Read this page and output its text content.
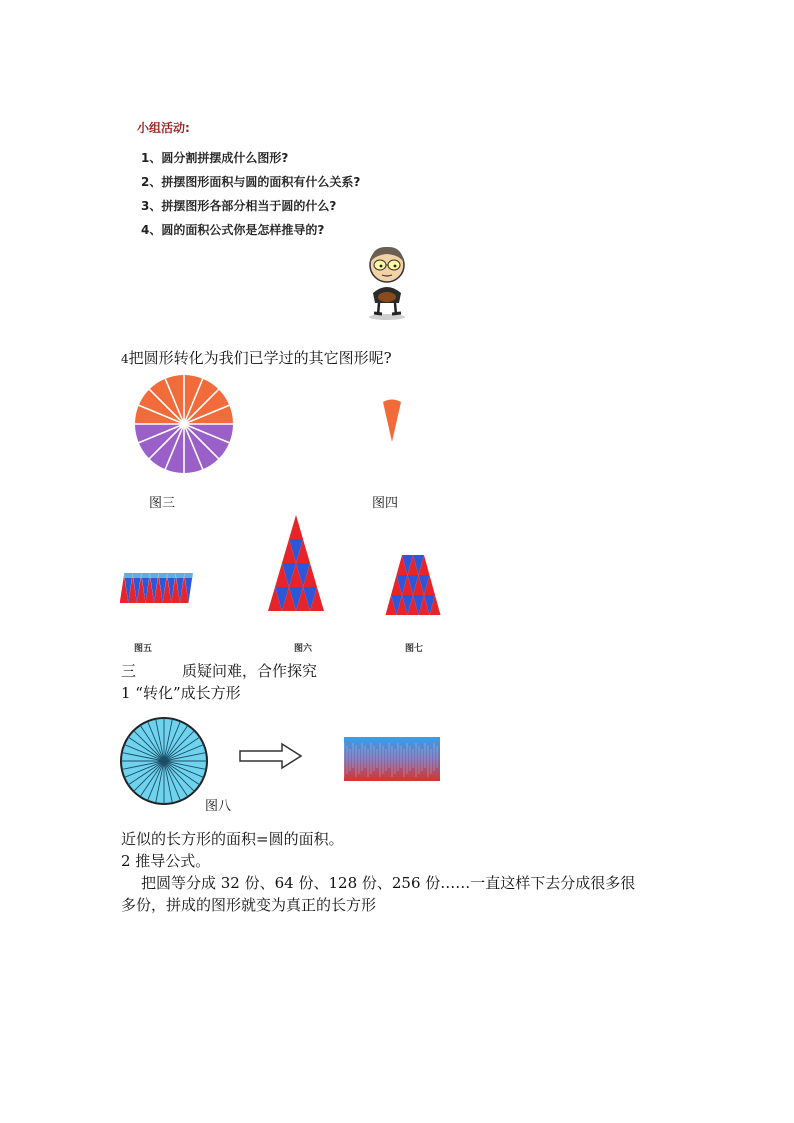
小组活动:
1、圆分割拼摆成什么图形?
2、拼摆图形面积与圆的面积有什么关系?
3、拼摆图形各部分相当于圆的什么?
4、圆的面积公式你是怎样推导的?
4把圆形转化为我们已学过的其它图形呢?
图三	图四
图五	图六	图七
三	质疑问难，合作探究
1 “转化”成长方形
图八
近似的长方形的面积=圆的面积。
2 推导公式。
把圆等分成 32 份、64 份、128 份、256 份……一直这样下去分成很多很
多份，拼成的图形就变为真正的长方形
